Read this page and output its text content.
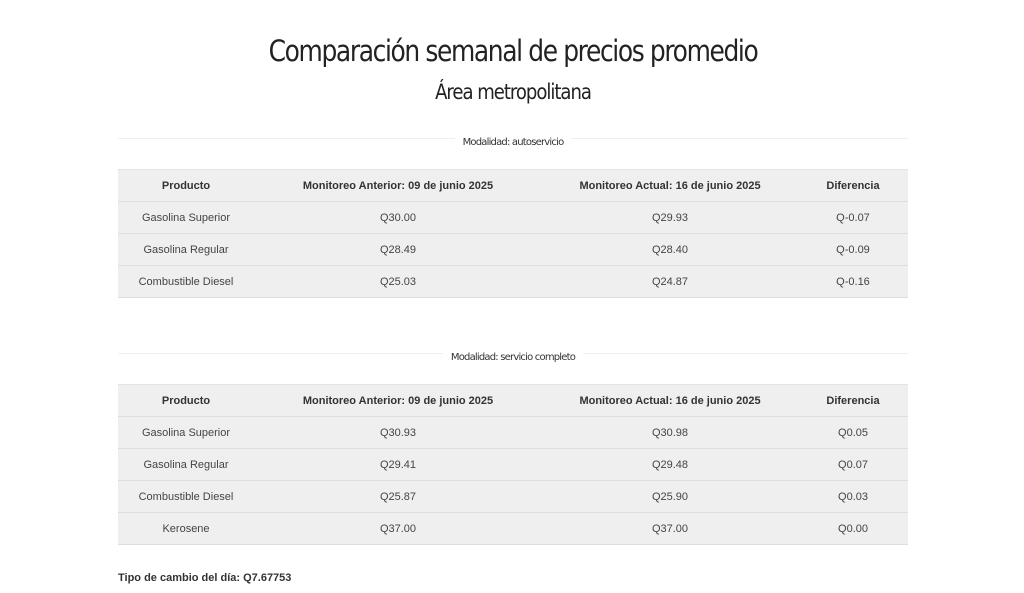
Comparación semanal de precios promedio
Área metropolitana
Modalidad: autoservicio
Producto	Monitoreo Anterior: 09 de junio 2025	Monitoreo Actual: 16 de junio 2025	Diferencia
Gasolina Superior	Q30.00	Q29.93	Q-0.07
Gasolina Regular	Q28.49	Q28.40	Q-0.09
Combustible Diesel	Q25.03	Q24.87	Q-0.16
Modalidad: servicio completo
Producto	Monitoreo Anterior: 09 de junio 2025	Monitoreo Actual: 16 de junio 2025	Diferencia
Gasolina Superior	Q30.93	Q30.98	Q0.05
Gasolina Regular	Q29.41	Q29.48	Q0.07
Combustible Diesel	Q25.87	Q25.90	Q0.03
Kerosene	Q37.00	Q37.00	Q0.00
Tipo de cambio del día: Q7.67753
